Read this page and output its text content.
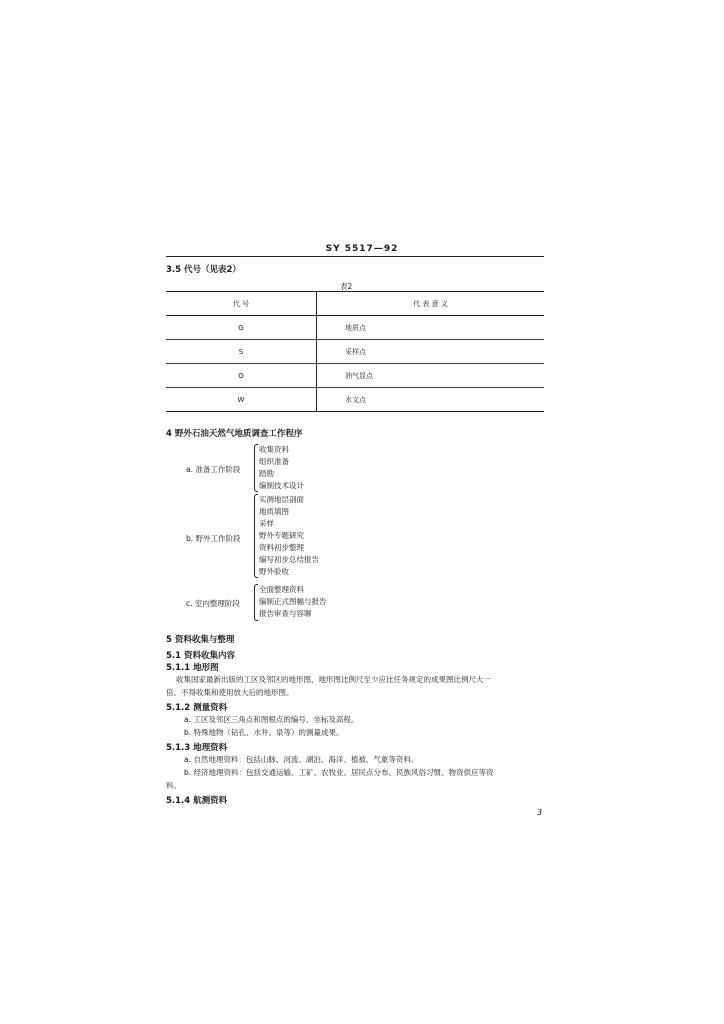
SY 5517—92
3.5 代号（见表2）
表2
代 号	代 表 意 义
G	地质点
S	采样点
O	油气显点
W	水文点
4 野外石油天然气地质调查工作程序
a. 准备工作阶段
收集资料
组织准备
踏勘
编制技术设计
b. 野外工作阶段
实测地层剖面
地质填图
采样
野外专题研究
资料初步整理
编写初步总结报告
野外验收
c. 室内整理阶段
全面整理资料
编制正式图幅与报告
报告审查与容聊
5 资料收集与整理
5.1 资料收集内容
5.1.1 地形图
收集国家最新出版的工区及邻区的地形图，地形图比例尺至少应比任务规定的成果图比例尺大一
倍。不得收集和使用放大后的地形图。
5.1.2 测量资料
a. 工区及邻区三角点和图根点的编号、坐标及高程。
b. 特殊地物（钻孔、水井、泉等）的测量成果。
5.1.3 地理资料
a. 自然地理资料：包括山脉、河流、湖泊、海洋、植被、气象等资料。
b. 经济地理资料：包括交通运输、工矿、农牧业、居民点分布、民族风俗习惯、物资供应等资
料。
5.1.4 航测资料
3
